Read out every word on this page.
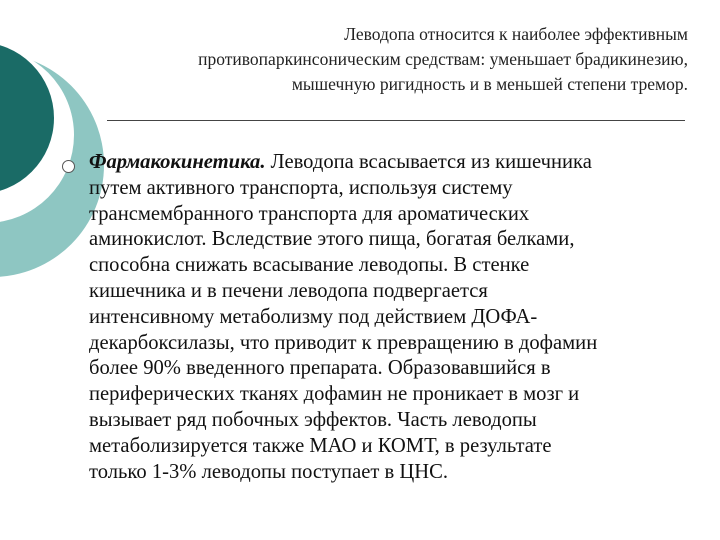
Леводопа относится к наиболее эффективным
противопаркинсоническим средствам: уменьшает брадикинезию,
мышечную ригидность и в меньшей степени тремор.
Фармакокинетика. Леводопа всасывается из кишечника
путем активного транспорта, используя систему
трансмембранного транспорта для ароматических
аминокислот. Вследствие этого пища, богатая белками,
способна снижать всасывание леводопы. В стенке
кишечника и в печени леводопа подвергается
интенсивному метаболизму под действием ДОФА-
декарбоксилазы, что приводит к превращению в дофамин
более 90% введенного препарата. Образовавшийся в
периферических тканях дофамин не проникает в мозг и
вызывает ряд побочных эффектов. Часть леводопы
метаболизируется также МАО и КОМТ, в результате
только 1-3% леводопы поступает в ЦНС.
